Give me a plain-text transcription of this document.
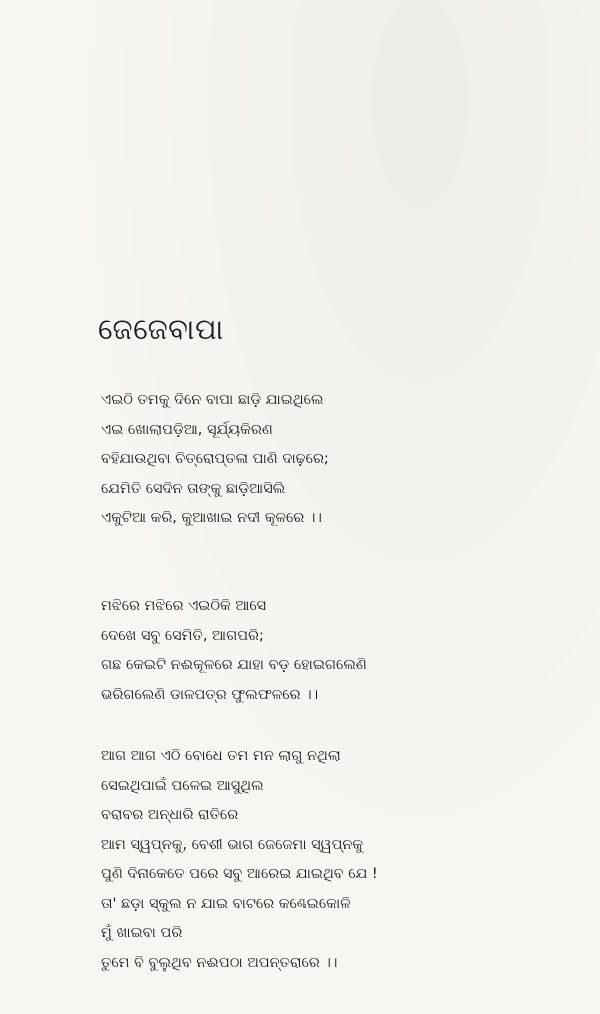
ଜେଜେବାପା
ଏଇଠି ତମକୁ ଦିନେ ବାପା ଛାଡ଼ି ଯାଇଥିଲେ
ଏଇ ଖୋଲାପଡ଼ିଆ, ସୂର୍ଯ୍ୟକିରଣ
ବହିଯାଉଥିବା ଚିତ୍ରୋପ୍ତଳା ପାଣି ଦାଢ଼ରେ;
ଯେମିତି ସେଦିନ ତାଙ୍କୁ ଛାଡ଼ିଆସିଲି
ଏକୁଟିଆ କରି, କୁଆଖାଇ ନଦୀ କୂଳରେ ।।
ମଝିରେ ମଝିରେ ଏଇଠିକି ଆସେ
ଦେଖେ ସବୁ ସେମିତି, ଆଗପରି;
ଗଛ କେଇଟି ନଈକୂଳରେ ଯାହା ବଡ଼ ହୋଇଗଲେଣି
ଭରିଗଲେଣି ଡାଳପତ୍ର ଫୁଲଫଳରେ ।।
ଆଗ ଆଗ ଏଠି ବୋଧେ ତମ ମନ ଲାଗୁ ନଥିଲା
ସେଇଥିପାଇଁ ପଳେଇ ଆସୁଥିଲ
ବରାବର ଅନ୍ଧାରି ରାତିରେ
ଆମ ସ୍ୱପ୍ନକୁ, ବେଶୀ ଭାଗ ଜେଜେମା ସ୍ୱପ୍ନକୁ
ପୁଣି ଦିନାକେତେ ପରେ ସବୁ ଆରେଇ ଯାଇଥିବ ଯେ !
ତା' ଛଡ଼ା ସ୍କୁଲ ନ ଯାଇ ବାଟରେ କଣ୍ଢେଇକୋଳି
ମୁଁ ଖାଇବା ପରି
ତୁମେ ବି ବୁଲୁଥିବ ନଈପଠା ଅପନ୍ତରାରେ ।।
